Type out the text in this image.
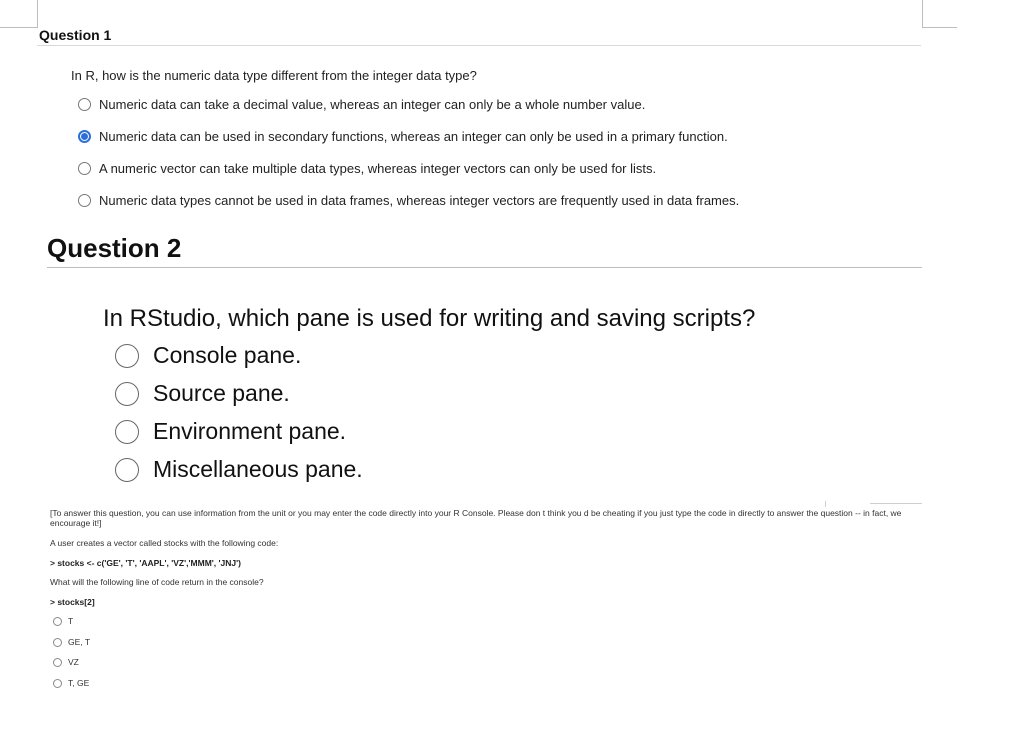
Question 1
In R, how is the numeric data type different from the integer data type?
Numeric data can take a decimal value, whereas an integer can only be a whole number value.
Numeric data can be used in secondary functions, whereas an integer can only be used in a primary function.
A numeric vector can take multiple data types, whereas integer vectors can only be used for lists.
Numeric data types cannot be used in data frames, whereas integer vectors are frequently used in data frames.
Question 2
In RStudio, which pane is used for writing and saving scripts?
Console pane.
Source pane.
Environment pane.
Miscellaneous pane.
[To answer this question, you can use information from the unit or you may enter the code directly into your R Console. Please don t think you d be cheating if you just type the code in directly to answer the question -- in fact, we encourage it!]
A user creates a vector called stocks with the following code:
> stocks <- c('GE', 'T', 'AAPL', 'VZ','MMM', 'JNJ')
What will the following line of code return in the console?
> stocks[2]
T
GE, T
VZ
T, GE
